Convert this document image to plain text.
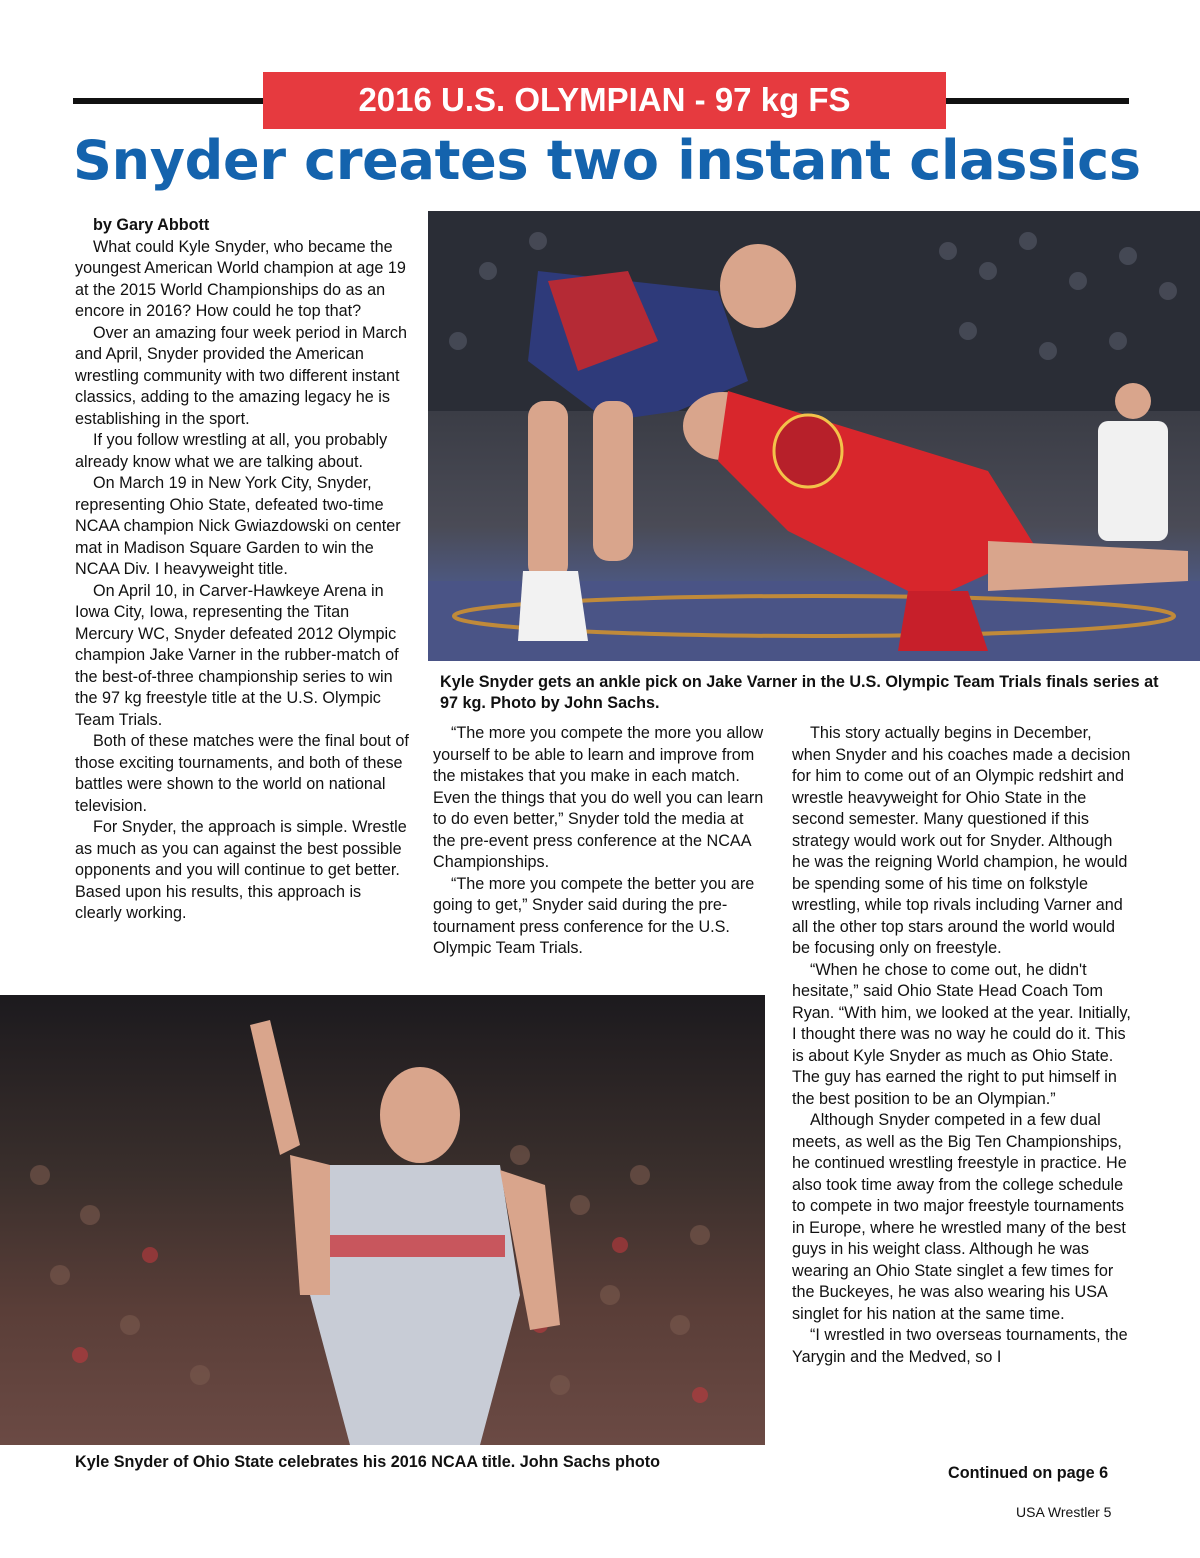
2016 U.S. OLYMPIAN - 97 kg FS
Snyder creates two instant classics

by Gary Abbott

What could Kyle Snyder, who became the youngest American World champion at age 19 at the 2015 World Championships do as an encore in 2016? How could he top that?

Over an amazing four week period in March and April, Snyder provided the American wrestling community with two different instant classics, adding to the amazing legacy he is establishing in the sport.

If you follow wrestling at all, you probably already know what we are talking about.

On March 19 in New York City, Snyder, representing Ohio State, defeated two-time NCAA champion Nick Gwiazdowski on center mat in Madison Square Garden to win the NCAA Div. I heavyweight title.

On April 10, in Carver-Hawkeye Arena in Iowa City, Iowa, representing the Titan Mercury WC, Snyder defeated 2012 Olympic champion Jake Varner in the rubber-match of the best-of-three championship series to win the 97 kg freestyle title at the U.S. Olympic Team Trials.

Both of these matches were the final bout of those exciting tournaments, and both of these battles were shown to the world on national television.

For Snyder, the approach is simple. Wrestle as much as you can against the best possible opponents and you will continue to get better. Based upon his results, this approach is clearly working.

Kyle Snyder gets an ankle pick on Jake Varner in the U.S. Olympic Team Trials finals series at 97 kg. Photo by John Sachs.

“The more you compete the more you allow yourself to be able to learn and improve from the mistakes that you make in each match. Even the things that you do well you can learn to do even better,” Snyder told the media at the pre-event press conference at the NCAA Championships.

“The more you compete the better you are going to get,” Snyder said during the pre-tournament press conference for the U.S. Olympic Team Trials.

This story actually begins in December, when Snyder and his coaches made a decision for him to come out of an Olympic redshirt and wrestle heavyweight for Ohio State in the second semester. Many questioned if this strategy would work out for Snyder. Although he was the reigning World champion, he would be spending some of his time on folkstyle wrestling, while top rivals including Varner and all the other top stars around the world would be focusing only on freestyle.

“When he chose to come out, he didn't hesitate,” said Ohio State Head Coach Tom Ryan. “With him, we looked at the year. Initially, I thought there was no way he could do it. This is about Kyle Snyder as much as Ohio State. The guy has earned the right to put himself in the best position to be an Olympian.”

Although Snyder competed in a few dual meets, as well as the Big Ten Championships, he continued wrestling freestyle in practice. He also took time away from the college schedule to compete in two major freestyle tournaments in Europe, where he wrestled many of the best guys in his weight class. Although he was wearing an Ohio State singlet a few times for the Buckeyes, he was also wearing his USA singlet for his nation at the same time.

“I wrestled in two overseas tournaments, the Yarygin and the Medved, so I

Kyle Snyder of Ohio State celebrates his 2016 NCAA title. John Sachs photo
Continued on page 6
USA Wrestler 5
